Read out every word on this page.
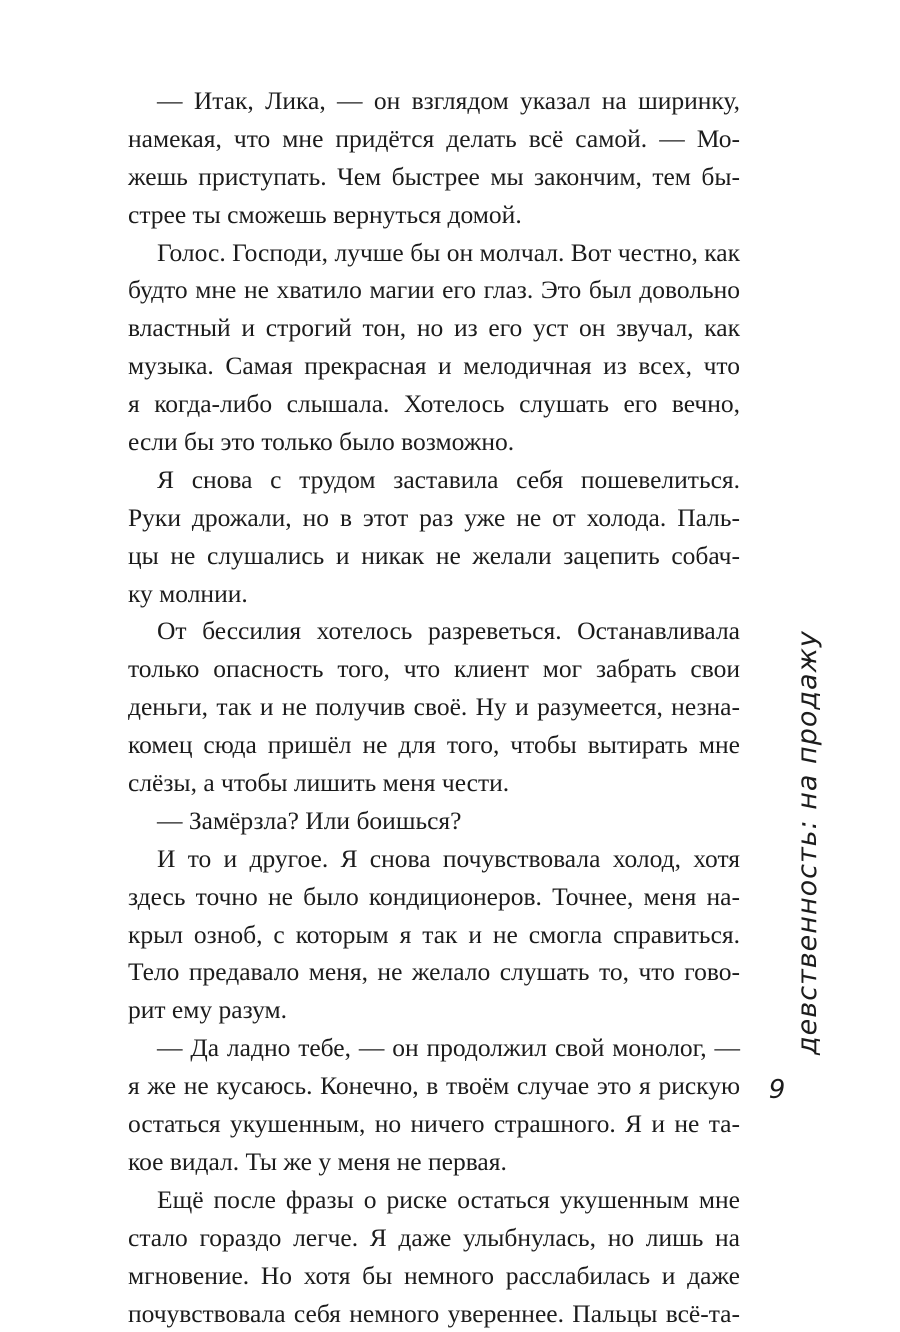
— Итак, Лика, — он взглядом указал на ширинку,
намекая, что мне придётся делать всё самой. — Мо-
жешь приступать. Чем быстрее мы закончим, тем бы-
стрее ты сможешь вернуться домой.
Голос. Господи, лучше бы он молчал. Вот честно, как
будто мне не хватило магии его глаз. Это был довольно
властный и строгий тон, но из его уст он звучал, как
музыка. Самая прекрасная и мелодичная из всех, что
я когда-либо слышала. Хотелось слушать его вечно,
если бы это только было возможно.
Я снова с трудом заставила себя пошевелиться.
Руки дрожали, но в этот раз уже не от холода. Паль-
цы не слушались и никак не желали зацепить собач-
ку молнии.
От бессилия хотелось разреветься. Останавливала
только опасность того, что клиент мог забрать свои
деньги, так и не получив своё. Ну и разумеется, незна-
комец сюда пришёл не для того, чтобы вытирать мне
слёзы, а чтобы лишить меня чести.
— Замёрзла? Или боишься?
И то и другое. Я снова почувствовала холод, хотя
здесь точно не было кондиционеров. Точнее, меня на-
крыл озноб, с которым я так и не смогла справиться.
Тело предавало меня, не желало слушать то, что гово-
рит ему разум.
— Да ладно тебе, — он продолжил свой монолог, —
я же не кусаюсь. Конечно, в твоём случае это я рискую
остаться укушенным, но ничего страшного. Я и не та-
кое видал. Ты же у меня не первая.
Ещё после фразы о риске остаться укушенным мне
стало гораздо легче. Я даже улыбнулась, но лишь на
мгновение. Но хотя бы немного расслабилась и даже
почувствовала себя немного увереннее. Пальцы всё-та-
девственность: на продажу
9
